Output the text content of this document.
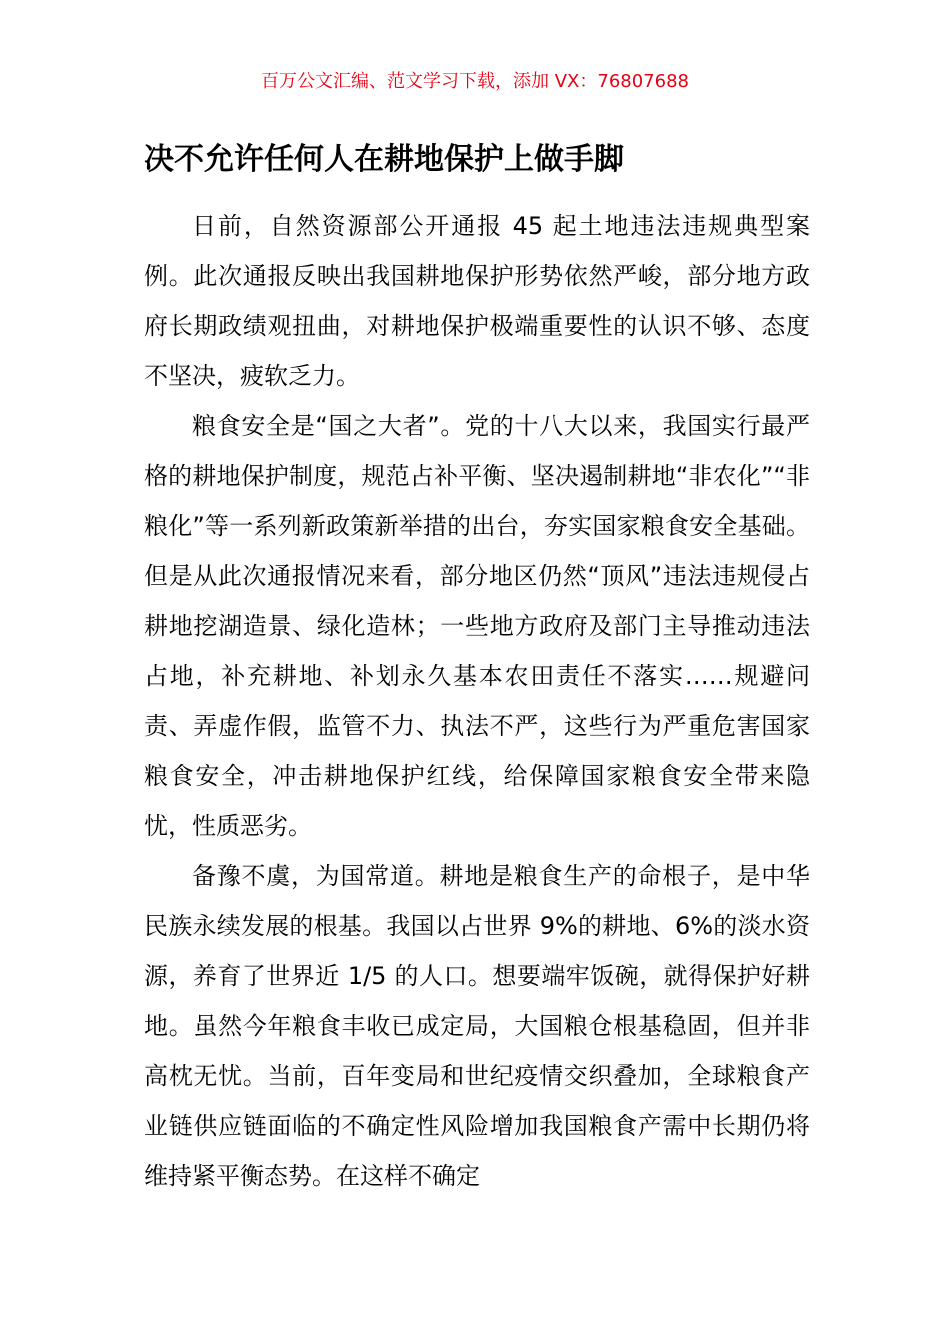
百万公文汇编、范文学习下载，添加 VX：76807688
决不允许任何人在耕地保护上做手脚

日前，自然资源部公开通报 45 起土地违法违规典型案例。此次通报反映出我国耕地保护形势依然严峻，部分地方政府长期政绩观扭曲，对耕地保护极端重要性的认识不够、态度不坚决，疲软乏力。

粮食安全是“国之大者”。党的十八大以来，我国实行最严格的耕地保护制度，规范占补平衡、坚决遏制耕地“非农化”“非粮化”等一系列新政策新举措的出台，夯实国家粮食安全基础。但是从此次通报情况来看，部分地区仍然“顶风”违法违规侵占耕地挖湖造景、绿化造林；一些地方政府及部门主导推动违法占地，补充耕地、补划永久基本农田责任不落实……规避问责、弄虚作假，监管不力、执法不严，这些行为严重危害国家粮食安全，冲击耕地保护红线，给保障国家粮食安全带来隐忧，性质恶劣。

备豫不虞，为国常道。耕地是粮食生产的命根子，是中华民族永续发展的根基。我国以占世界 9%的耕地、6%的淡水资源，养育了世界近 1/5 的人口。想要端牢饭碗，就得保护好耕地。虽然今年粮食丰收已成定局，大国粮仓根基稳固，但并非高枕无忧。当前，百年变局和世纪疫情交织叠加，全球粮食产业链供应链面临的不确定性风险增加我国粮食产需中长期仍将维持紧平衡态势。在这样不确定
